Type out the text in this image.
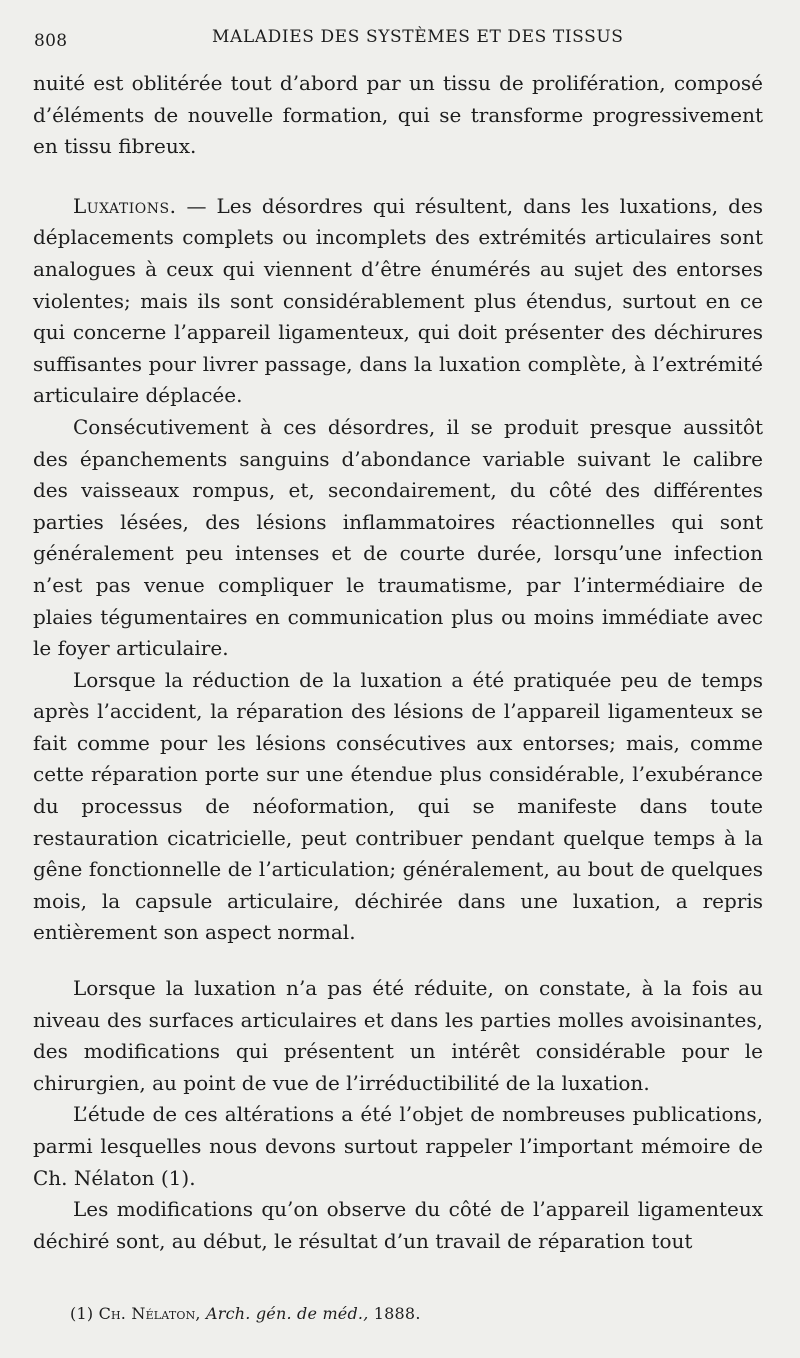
808	MALADIES DES SYSTÈMES ET DES TISSUS

nuité est oblitérée tout d’abord par un tissu de prolifération, composé d’éléments de nouvelle formation, qui se transforme progressivement en tissu fibreux.

Luxations. — Les désordres qui résultent, dans les luxations, des déplacements complets ou incomplets des extrémités articulaires sont analogues à ceux qui viennent d’être énumérés au sujet des entorses violentes; mais ils sont considérablement plus étendus, surtout en ce qui concerne l’appareil ligamenteux, qui doit présenter des déchirures suffisantes pour livrer passage, dans la luxation complète, à l’extrémité articulaire déplacée.

Consécutivement à ces désordres, il se produit presque aussitôt des épanchements sanguins d’abondance variable suivant le calibre des vaisseaux rompus, et, secondairement, du côté des différentes parties lésées, des lésions inflammatoires réactionnelles qui sont généralement peu intenses et de courte durée, lorsqu’une infection n’est pas venue compliquer le traumatisme, par l’intermédiaire de plaies tégumentaires en communication plus ou moins immédiate avec le foyer articulaire.

Lorsque la réduction de la luxation a été pratiquée peu de temps après l’accident, la réparation des lésions de l’appareil ligamenteux se fait comme pour les lésions consécutives aux entorses; mais, comme cette réparation porte sur une étendue plus considérable, l’exubérance du processus de néoformation, qui se manifeste dans toute restauration cicatricielle, peut contribuer pendant quelque temps à la gêne fonctionnelle de l’articulation; généralement, au bout de quelques mois, la capsule articulaire, déchirée dans une luxation, a repris entièrement son aspect normal.

Lorsque la luxation n’a pas été réduite, on constate, à la fois au niveau des surfaces articulaires et dans les parties molles avoisinantes, des modifications qui présentent un intérêt considérable pour le chirurgien, au point de vue de l’irréductibilité de la luxation.

L’étude de ces altérations a été l’objet de nombreuses publications, parmi lesquelles nous devons surtout rappeler l’important mémoire de Ch. Nélaton (1).

Les modifications qu’on observe du côté de l’appareil ligamenteux déchiré sont, au début, le résultat d’un travail de réparation tout

(1) Ch. Nélaton, Arch. gén. de méd., 1888.
